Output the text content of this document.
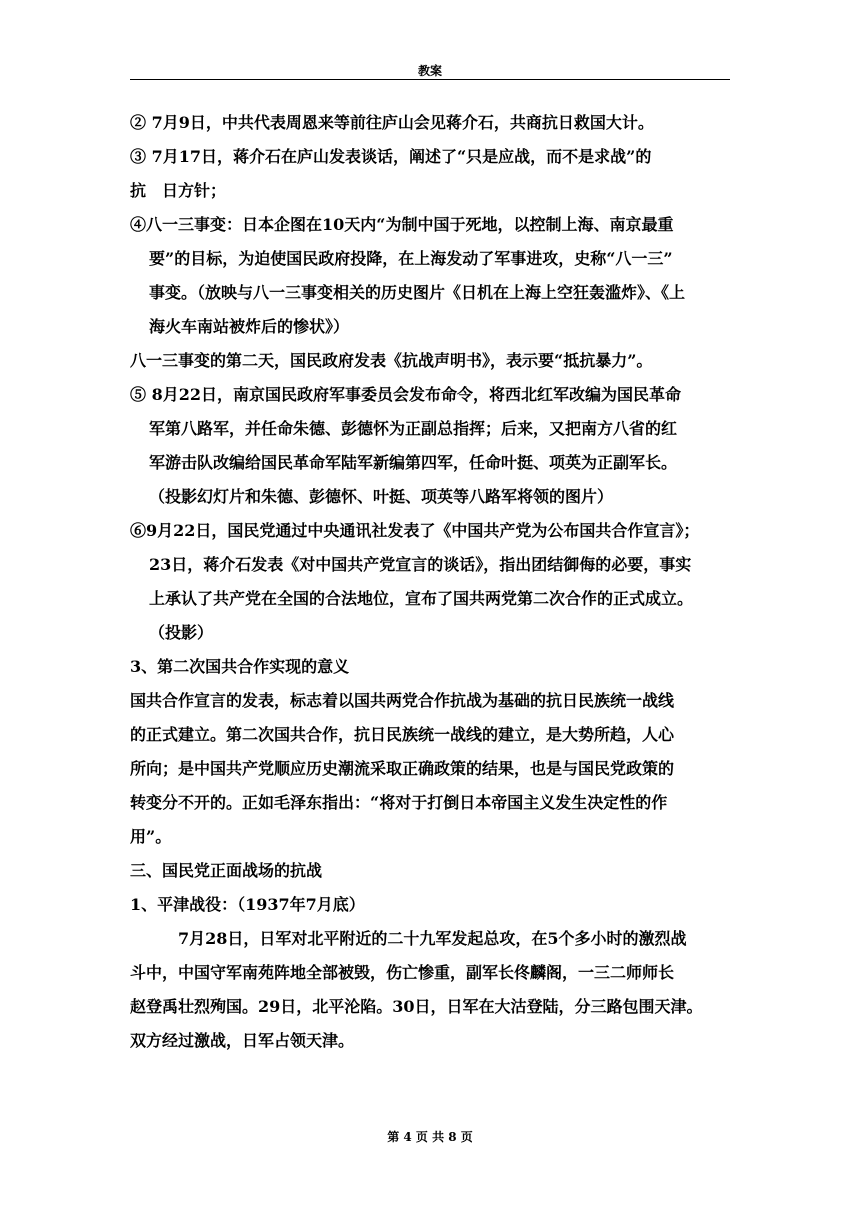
教案
② 7月9日，中共代表周恩来等前往庐山会见蒋介石，共商抗日救国大计。
③ 7月17日，蒋介石在庐山发表谈话，阐述了“只是应战，而不是求战”的
抗　日方针；
④八一三事变：日本企图在10天内“为制中国于死地，以控制上海、南京最重
要”的目标，为迫使国民政府投降，在上海发动了军事进攻，史称“八一三”
事变。（放映与八一三事变相关的历史图片《日机在上海上空狂轰滥炸》、《上
海火车南站被炸后的惨状》）
八一三事变的第二天，国民政府发表《抗战声明书》，表示要“抵抗暴力”。
⑤ 8月22日，南京国民政府军事委员会发布命令，将西北红军改编为国民革命
军第八路军，并任命朱德、彭德怀为正副总指挥；后来，又把南方八省的红
军游击队改编给国民革命军陆军新编第四军，任命叶挺、项英为正副军长。
（投影幻灯片和朱德、彭德怀、叶挺、项英等八路军将领的图片）
⑥9月22日，国民党通过中央通讯社发表了《中国共产党为公布国共合作宣言》；
23日，蒋介石发表《对中国共产党宣言的谈话》，指出团结御侮的必要，事实
上承认了共产党在全国的合法地位，宣布了国共两党第二次合作的正式成立。
（投影）
3、第二次国共合作实现的意义
国共合作宣言的发表，标志着以国共两党合作抗战为基础的抗日民族统一战线
的正式建立。第二次国共合作，抗日民族统一战线的建立，是大势所趋，人心
所向；是中国共产党顺应历史潮流采取正确政策的结果，也是与国民党政策的
转变分不开的。正如毛泽东指出：“将对于打倒日本帝国主义发生决定性的作
用”。
三、国民党正面战场的抗战
1、平津战役：（1937年7月底）
　7月28日，日军对北平附近的二十九军发起总攻，在5个多小时的激烈战
斗中，中国守军南苑阵地全部被毁，伤亡惨重，副军长佟麟阁，一三二师师长
赵登禹壮烈殉国。29日，北平沦陷。30日，日军在大沽登陆，分三路包围天津。
双方经过激战，日军占领天津。
第 4 页 共 8 页
